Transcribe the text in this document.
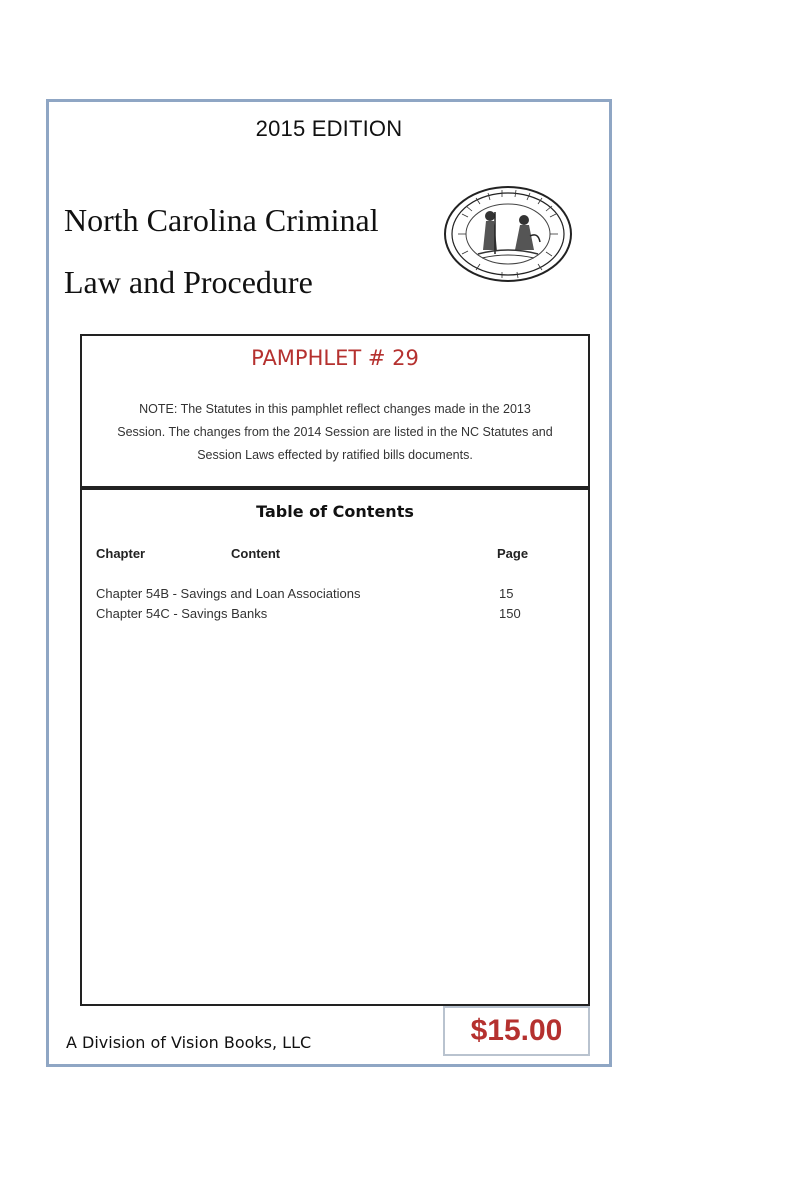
2015 EDITION
North Carolina Criminal
Law and Procedure
PAMPHLET # 29
NOTE: The Statutes in this pamphlet reflect changes made in the 2013
Session. The changes from the 2014 Session are listed in the NC Statutes and
Session Laws effected by ratified bills documents.
Table of Contents
Chapter	Content	Page
Chapter 54B - Savings and Loan Associations	15
Chapter 54C - Savings Banks	150
A Division of Vision Books, LLC	$15.00
